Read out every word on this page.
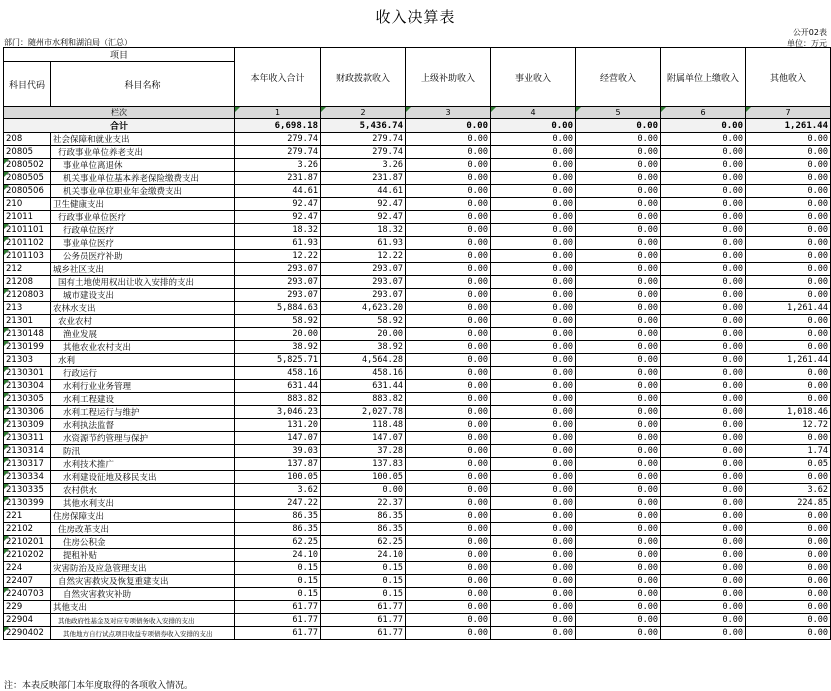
收入决算表
公开02表
部门：随州市水利和湖泊局（汇总）	单位：万元
项目		本年收入合计	财政拨款收入	上级补助收入	事业收入	经营收入	附属单位上缴收入	其他收入
科目代码	科目名称							
栏次		1	2	3	4	5	6	7
合计		6,698.18	5,436.74	0.00	0.00	0.00	0.00	1,261.44
208	社会保障和就业支出	279.74	279.74	0.00	0.00	0.00	0.00	0.00
20805	行政事业单位养老支出	279.74	279.74	0.00	0.00	0.00	0.00	0.00
2080502	事业单位离退休	3.26	3.26	0.00	0.00	0.00	0.00	0.00
2080505	机关事业单位基本养老保险缴费支出	231.87	231.87	0.00	0.00	0.00	0.00	0.00
2080506	机关事业单位职业年金缴费支出	44.61	44.61	0.00	0.00	0.00	0.00	0.00
210	卫生健康支出	92.47	92.47	0.00	0.00	0.00	0.00	0.00
21011	行政事业单位医疗	92.47	92.47	0.00	0.00	0.00	0.00	0.00
2101101	行政单位医疗	18.32	18.32	0.00	0.00	0.00	0.00	0.00
2101102	事业单位医疗	61.93	61.93	0.00	0.00	0.00	0.00	0.00
2101103	公务员医疗补助	12.22	12.22	0.00	0.00	0.00	0.00	0.00
212	城乡社区支出	293.07	293.07	0.00	0.00	0.00	0.00	0.00
21208	国有土地使用权出让收入安排的支出	293.07	293.07	0.00	0.00	0.00	0.00	0.00
2120803	城市建设支出	293.07	293.07	0.00	0.00	0.00	0.00	0.00
213	农林水支出	5,884.63	4,623.20	0.00	0.00	0.00	0.00	1,261.44
21301	农业农村	58.92	58.92	0.00	0.00	0.00	0.00	0.00
2130148	渔业发展	20.00	20.00	0.00	0.00	0.00	0.00	0.00
2130199	其他农业农村支出	38.92	38.92	0.00	0.00	0.00	0.00	0.00
21303	水利	5,825.71	4,564.28	0.00	0.00	0.00	0.00	1,261.44
2130301	行政运行	458.16	458.16	0.00	0.00	0.00	0.00	0.00
2130304	水利行业业务管理	631.44	631.44	0.00	0.00	0.00	0.00	0.00
2130305	水利工程建设	883.82	883.82	0.00	0.00	0.00	0.00	0.00
2130306	水利工程运行与维护	3,046.23	2,027.78	0.00	0.00	0.00	0.00	1,018.46
2130309	水利执法监督	131.20	118.48	0.00	0.00	0.00	0.00	12.72
2130311	水资源节约管理与保护	147.07	147.07	0.00	0.00	0.00	0.00	0.00
2130314	防汛	39.03	37.28	0.00	0.00	0.00	0.00	1.74
2130317	水利技术推广	137.87	137.83	0.00	0.00	0.00	0.00	0.05
2130334	水利建设征地及移民支出	100.05	100.05	0.00	0.00	0.00	0.00	0.00
2130335	农村供水	3.62	0.00	0.00	0.00	0.00	0.00	3.62
2130399	其他水利支出	247.22	22.37	0.00	0.00	0.00	0.00	224.85
221	住房保障支出	86.35	86.35	0.00	0.00	0.00	0.00	0.00
22102	住房改革支出	86.35	86.35	0.00	0.00	0.00	0.00	0.00
2210201	住房公积金	62.25	62.25	0.00	0.00	0.00	0.00	0.00
2210202	提租补贴	24.10	24.10	0.00	0.00	0.00	0.00	0.00
224	灾害防治及应急管理支出	0.15	0.15	0.00	0.00	0.00	0.00	0.00
22407	自然灾害救灾及恢复重建支出	0.15	0.15	0.00	0.00	0.00	0.00	0.00
2240703	自然灾害救灾补助	0.15	0.15	0.00	0.00	0.00	0.00	0.00
229	其他支出	61.77	61.77	0.00	0.00	0.00	0.00	0.00
22904	其他政府性基金及对应专项债务收入安排的支出	61.77	61.77	0.00	0.00	0.00	0.00	0.00
2290402	其他地方自行试点项目收益专项债券收入安排的支出	61.77	61.77	0.00	0.00	0.00	0.00	0.00
注：本表反映部门本年度取得的各项收入情况。
